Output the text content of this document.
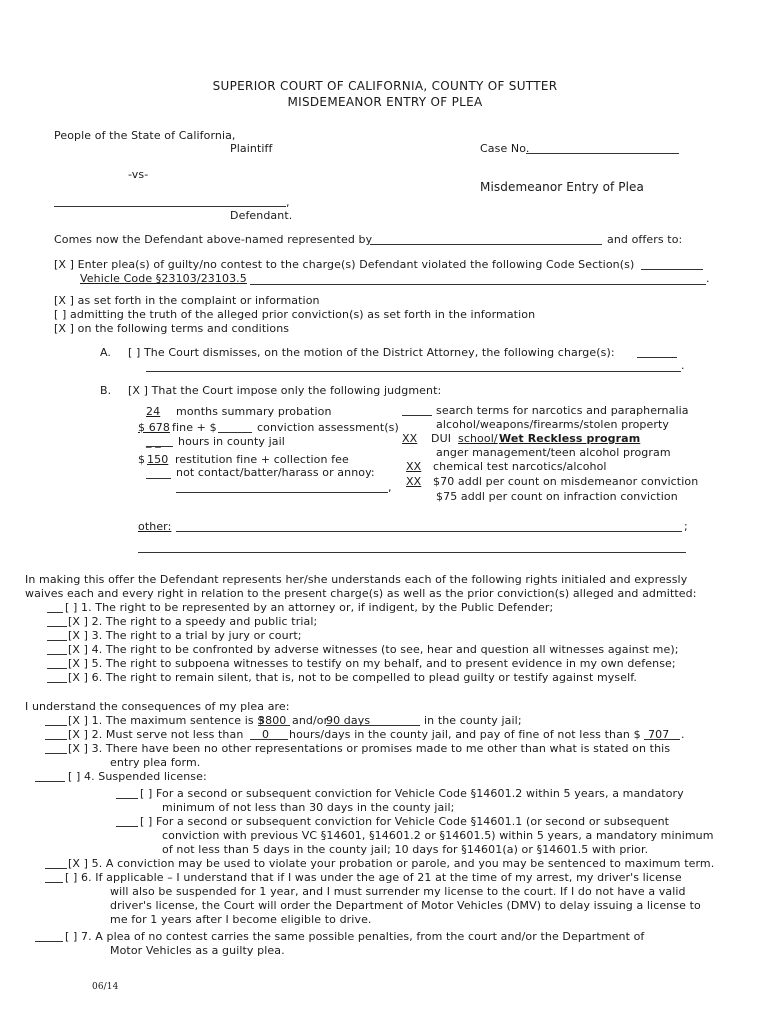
SUPERIOR COURT OF CALIFORNIA, COUNTY OF SUTTER
MISDEMEANOR ENTRY OF PLEA
People of the State of California,
Plaintiff	Case No.
-vs-
Misdemeanor Entry of Plea
,
Defendant.
Comes now the Defendant above-named represented by	and offers to:
[X ] Enter plea(s) of guilty/no contest to the charge(s) Defendant violated the following Code Section(s)
Vehicle Code §23103/23103.5	.
[X ] as set forth in the complaint or information
[ ] admitting the truth of the alleged prior conviction(s) as set forth in the information
[X ] on the following terms and conditions
A. [ ] The Court dismisses, on the motion of the District Attorney, the following charge(s):
.
B. [X ] That the Court impose only the following judgment:
24 months summary probation
$ 678 fine + $	conviction assessment(s)
_ _ hours in county jail
$ 150 restitution fine + collection fee
not contact/batter/harass or annoy:
,
search terms for narcotics and paraphernalia
alcohol/weapons/firearms/stolen property
XX DUI school/ Wet Reckless program
anger management/teen alcohol program
XX chemical test narcotics/alcohol
XX $70 addl per count on misdemeanor conviction
$75 addl per count on infraction conviction
other:	;
In making this offer the Defendant represents her/she understands each of the following rights initialed and expressly
waives each and every right in relation to the present charge(s) as well as the prior conviction(s) alleged and admitted:
[ ] 1. The right to be represented by an attorney or, if indigent, by the Public Defender;
[X ] 2. The right to a speedy and public trial;
[X ] 3. The right to a trial by jury or court;
[X ] 4. The right to be confronted by adverse witnesses (to see, hear and question all witnesses against me);
[X ] 5. The right to subpoena witnesses to testify on my behalf, and to present evidence in my own defense;
[X ] 6. The right to remain silent, that is, not to be compelled to plead guilty or testify against myself.
I understand the consequences of my plea are:
[X ] 1. The maximum sentence is $
3800 and/or
90 days	in the county jail;
[X ] 2. Must serve not less than 0 hours/days in the county jail, and pay of fine of not less than $ 707 .
[X ] 3. There have been no other representations or promises made to me other than what is stated on this
entry plea form.
[ ] 4. Suspended license:
[ ] For a second or subsequent conviction for Vehicle Code §14601.2 within 5 years, a mandatory
minimum of not less than 30 days in the county jail;
[ ] For a second or subsequent conviction for Vehicle Code §14601.1 (or second or subsequent
conviction with previous VC §14601, §14601.2 or §14601.5) within 5 years, a mandatory minimum
of not less than 5 days in the county jail; 10 days for §14601(a) or §14601.5 with prior.
[X ] 5. A conviction may be used to violate your probation or parole, and you may be sentenced to maximum term.
[ ] 6. If applicable – I understand that if I was under the age of 21 at the time of my arrest, my driver's license
will also be suspended for 1 year, and I must surrender my license to the court. If I do not have a valid
driver's license, the Court will order the Department of Motor Vehicles (DMV) to delay issuing a license to
me for 1 years after I become eligible to drive.
[ ] 7. A plea of no contest carries the same possible penalties, from the court and/or the Department of
Motor Vehicles as a guilty plea.
06/14
